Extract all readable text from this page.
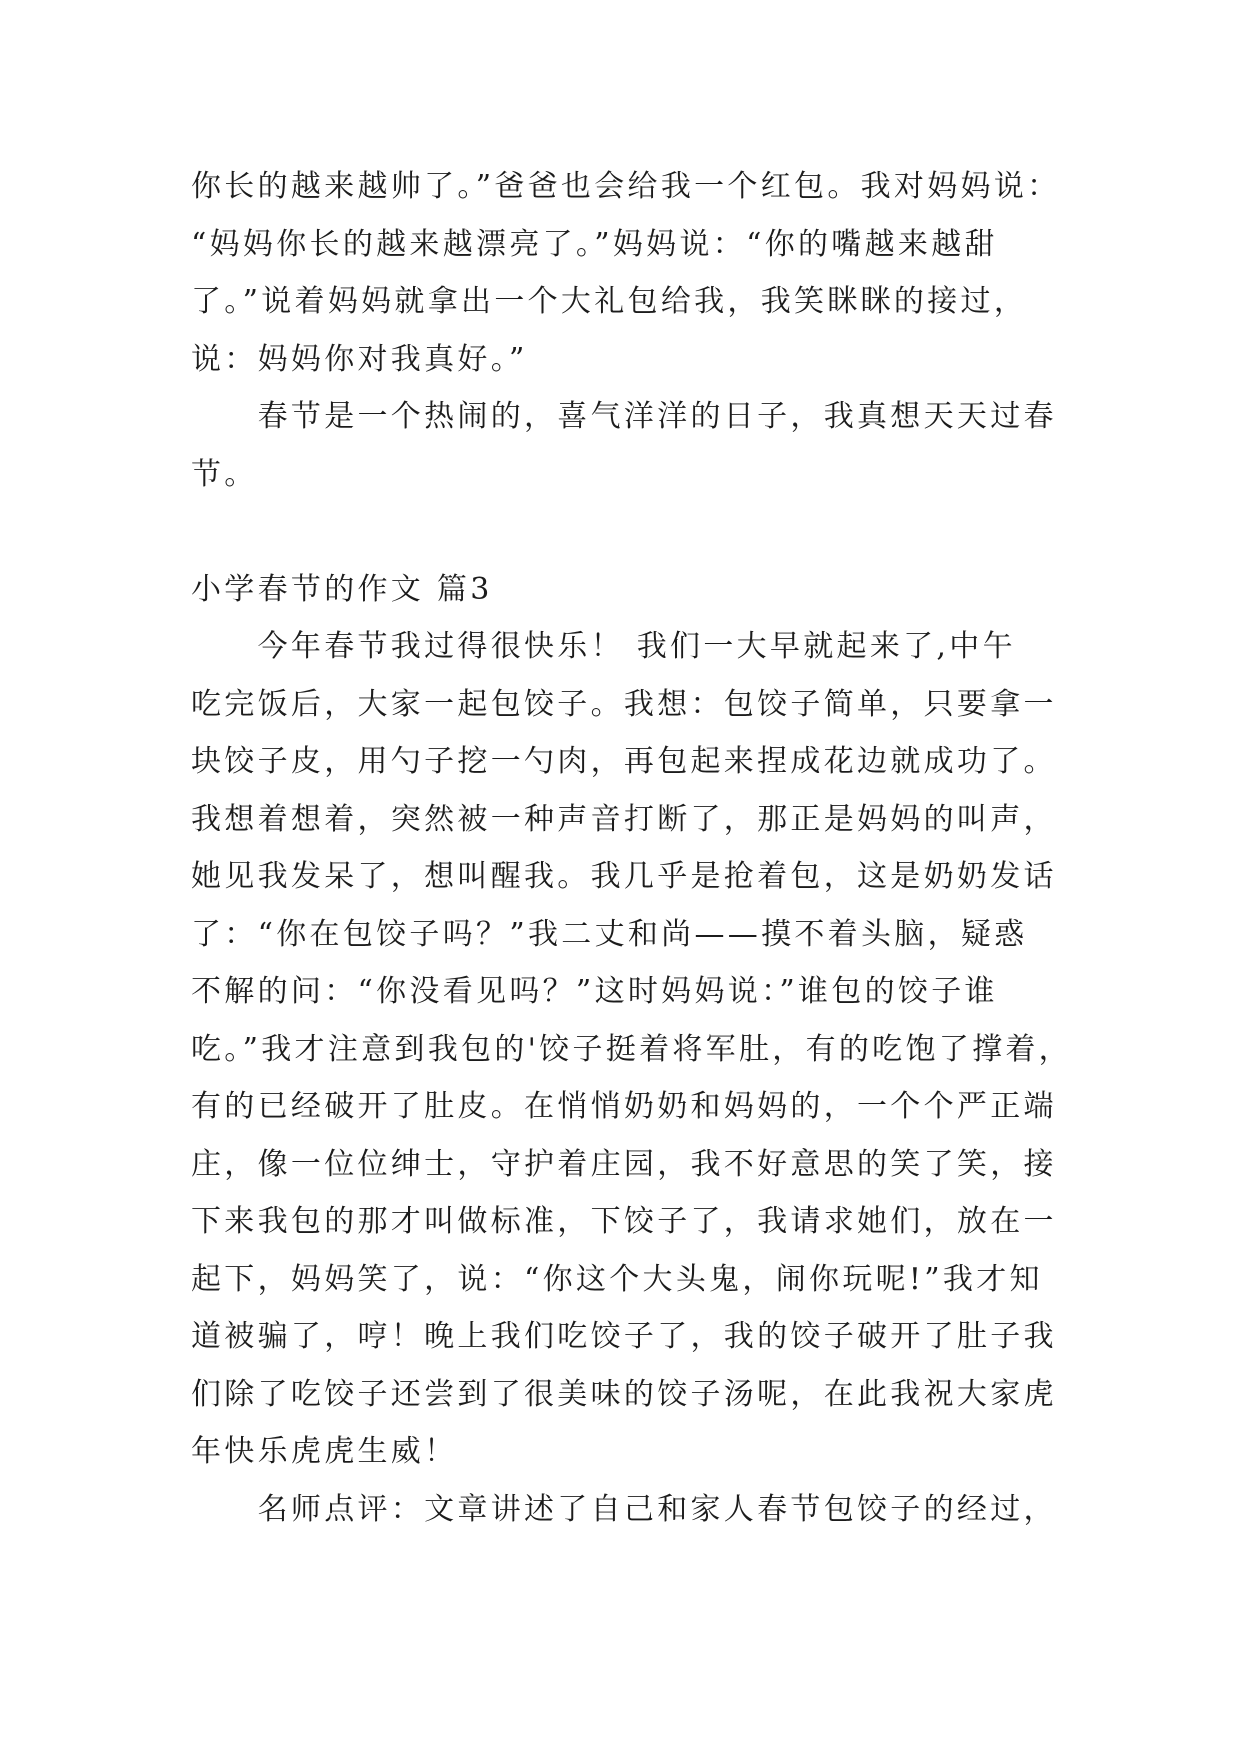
你长的越来越帅了。”爸爸也会给我一个红包。我对妈妈说：
“妈妈你长的越来越漂亮了。”妈妈说：“你的嘴越来越甜
了。”说着妈妈就拿出一个大礼包给我，我笑眯眯的接过，
说：妈妈你对我真好。”
春节是一个热闹的，喜气洋洋的日子，我真想天天过春
节。
小学春节的作文 篇3
今年春节我过得很快乐！ 我们一大早就起来了,中午
吃完饭后，大家一起包饺子。我想：包饺子简单，只要拿一
块饺子皮，用勺子挖一勺肉，再包起来捏成花边就成功了。
我想着想着，突然被一种声音打断了，那正是妈妈的叫声，
她见我发呆了，想叫醒我。我几乎是抢着包，这是奶奶发话
了：“你在包饺子吗？”我二丈和尚——摸不着头脑，疑惑
不解的问：“你没看见吗？”这时妈妈说：”谁包的饺子谁
吃。”我才注意到我包的'饺子挺着将军肚，有的吃饱了撑着，
有的已经破开了肚皮。在悄悄奶奶和妈妈的，一个个严正端
庄，像一位位绅士，守护着庄园，我不好意思的笑了笑，接
下来我包的那才叫做标准，下饺子了，我请求她们，放在一
起下，妈妈笑了，说：“你这个大头鬼，闹你玩呢!”我才知
道被骗了，哼！晚上我们吃饺子了，我的饺子破开了肚子我
们除了吃饺子还尝到了很美味的饺子汤呢，在此我祝大家虎
年快乐虎虎生威！
名师点评：文章讲述了自己和家人春节包饺子的经过，
